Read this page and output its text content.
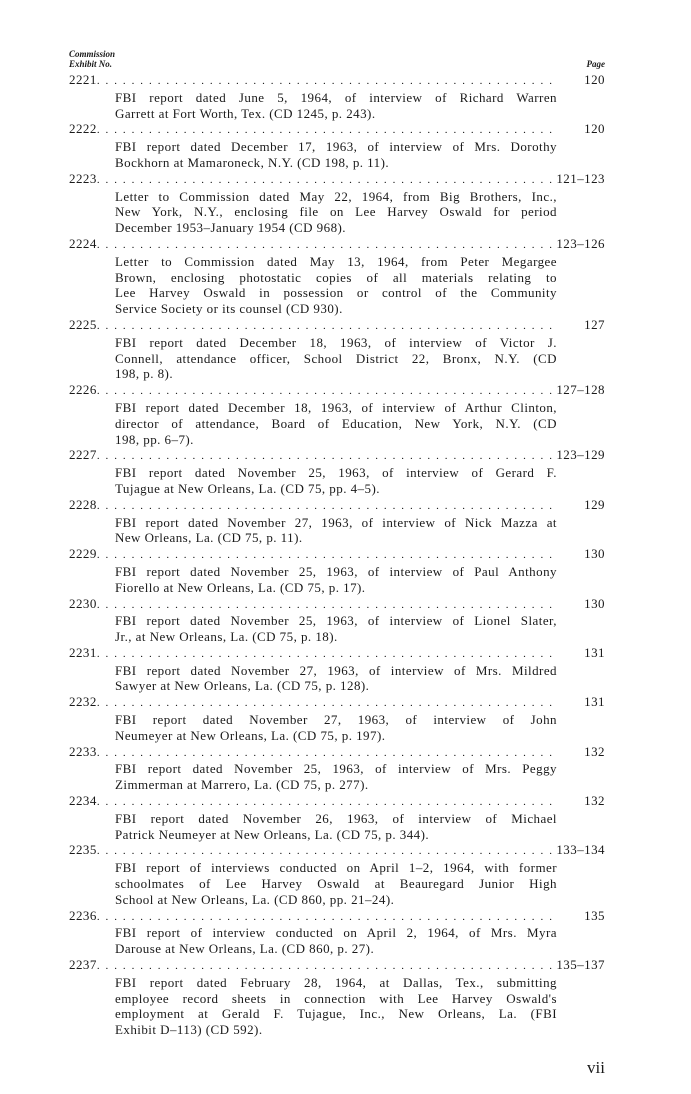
Commission
Exhibit No.	Page
2221 . . .	120
FBI report dated June 5, 1964, of interview of Richard Warren
Garrett at Fort Worth, Tex. (CD 1245, p. 243).
2222 . . .	120
FBI report dated December 17, 1963, of interview of Mrs. Dorothy
Bockhorn at Mamaroneck, N.Y. (CD 198, p. 11).
2223 . . .	121–123
Letter to Commission dated May 22, 1964, from Big Brothers, Inc.,
New York, N.Y., enclosing file on Lee Harvey Oswald for period
December 1953–January 1954 (CD 968).
2224 . . .	123–126
Letter to Commission dated May 13, 1964, from Peter Megargee
Brown, enclosing photostatic copies of all materials relating to
Lee Harvey Oswald in possession or control of the Community
Service Society or its counsel (CD 930).
2225 . . .	127
FBI report dated December 18, 1963, of interview of Victor J.
Connell, attendance officer, School District 22, Bronx, N.Y. (CD
198, p. 8).
2226 . . .	127–128
FBI report dated December 18, 1963, of interview of Arthur Clinton,
director of attendance, Board of Education, New York, N.Y. (CD
198, pp. 6–7).
2227 . . .	123–129
FBI report dated November 25, 1963, of interview of Gerard F.
Tujague at New Orleans, La. (CD 75, pp. 4–5).
2228 . . .	129
FBI report dated November 27, 1963, of interview of Nick Mazza at
New Orleans, La. (CD 75, p. 11).
2229 . . .	130
FBI report dated November 25, 1963, of interview of Paul Anthony
Fiorello at New Orleans, La. (CD 75, p. 17).
2230 . . .	130
FBI report dated November 25, 1963, of interview of Lionel Slater,
Jr., at New Orleans, La. (CD 75, p. 18).
2231 . . .	131
FBI report dated November 27, 1963, of interview of Mrs. Mildred
Sawyer at New Orleans, La. (CD 75, p. 128).
2232 . . .	131
FBI report dated November 27, 1963, of interview of John
Neumeyer at New Orleans, La. (CD 75, p. 197).
2233 . . .	132
FBI report dated November 25, 1963, of interview of Mrs. Peggy
Zimmerman at Marrero, La. (CD 75, p. 277).
2234 . . .	132
FBI report dated November 26, 1963, of interview of Michael
Patrick Neumeyer at New Orleans, La. (CD 75, p. 344).
2235 . . .	133–134
FBI report of interviews conducted on April 1–2, 1964, with former
schoolmates of Lee Harvey Oswald at Beauregard Junior High
School at New Orleans, La. (CD 860, pp. 21–24).
2236 . . .	135
FBI report of interview conducted on April 2, 1964, of Mrs. Myra
Darouse at New Orleans, La. (CD 860, p. 27).
2237 . . .	135–137
FBI report dated February 28, 1964, at Dallas, Tex., submitting
employee record sheets in connection with Lee Harvey Oswald's
employment at Gerald F. Tujague, Inc., New Orleans, La. (FBI
Exhibit D–113) (CD 592).
vii
